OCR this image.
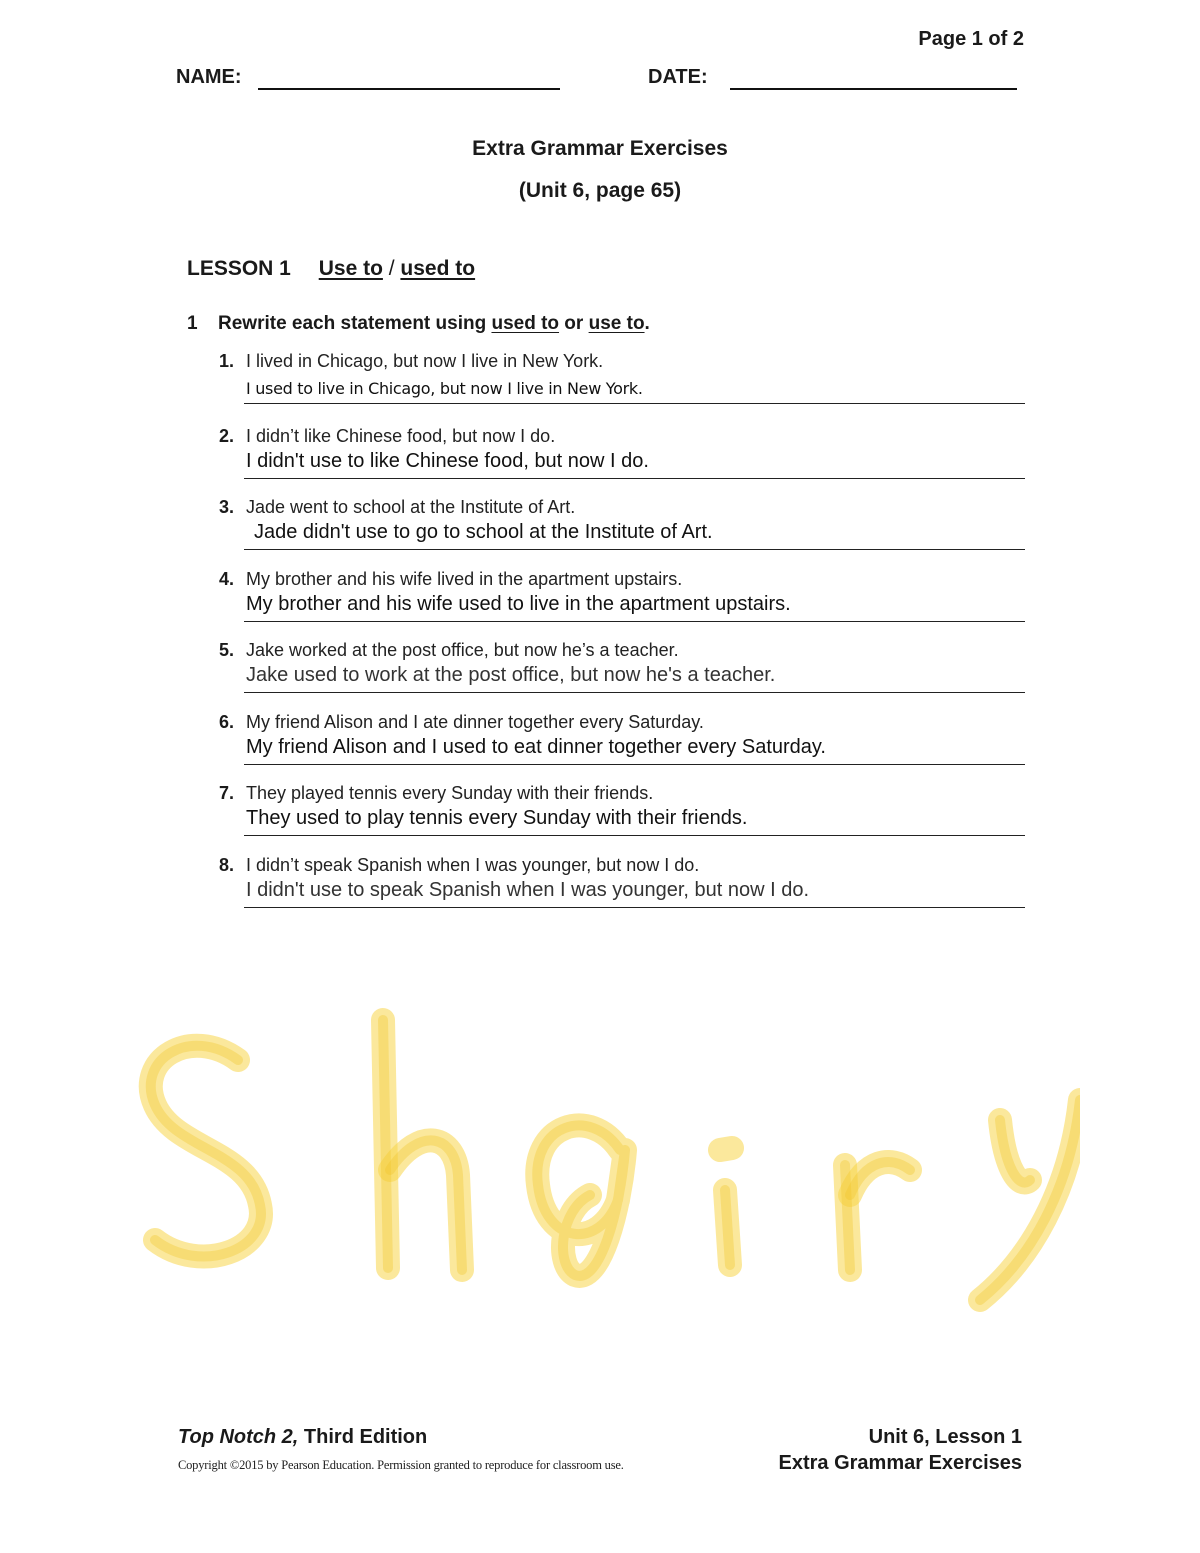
Page 1 of 2
NAME:	DATE:
Extra Grammar Exercises
(Unit 6, page 65)
LESSON 1 Use to / used to
1 Rewrite each statement using used to or use to.
1. I lived in Chicago, but now I live in New York.
I used to live in Chicago, but now I live in New York.
2. I didn’t like Chinese food, but now I do.
I didn't use to like Chinese food, but now I do.
3. Jade went to school at the Institute of Art.
Jade didn't use to go to school at the Institute of Art.
4. My brother and his wife lived in the apartment upstairs.
My brother and his wife used to live in the apartment upstairs.
5. Jake worked at the post office, but now he’s a teacher.
Jake used to work at the post office, but now he's a teacher.
6. My friend Alison and I ate dinner together every Saturday.
My friend Alison and I used to eat dinner together every Saturday.
7. They played tennis every Sunday with their friends.
They used to play tennis every Sunday with their friends.
8. I didn’t speak Spanish when I was younger, but now I do.
I didn't use to speak Spanish when I was younger, but now I do.
Top Notch 2, Third Edition
Copyright ©2015 by Pearson Education. Permission granted to reproduce for classroom use.
Unit 6, Lesson 1
Extra Grammar Exercises
